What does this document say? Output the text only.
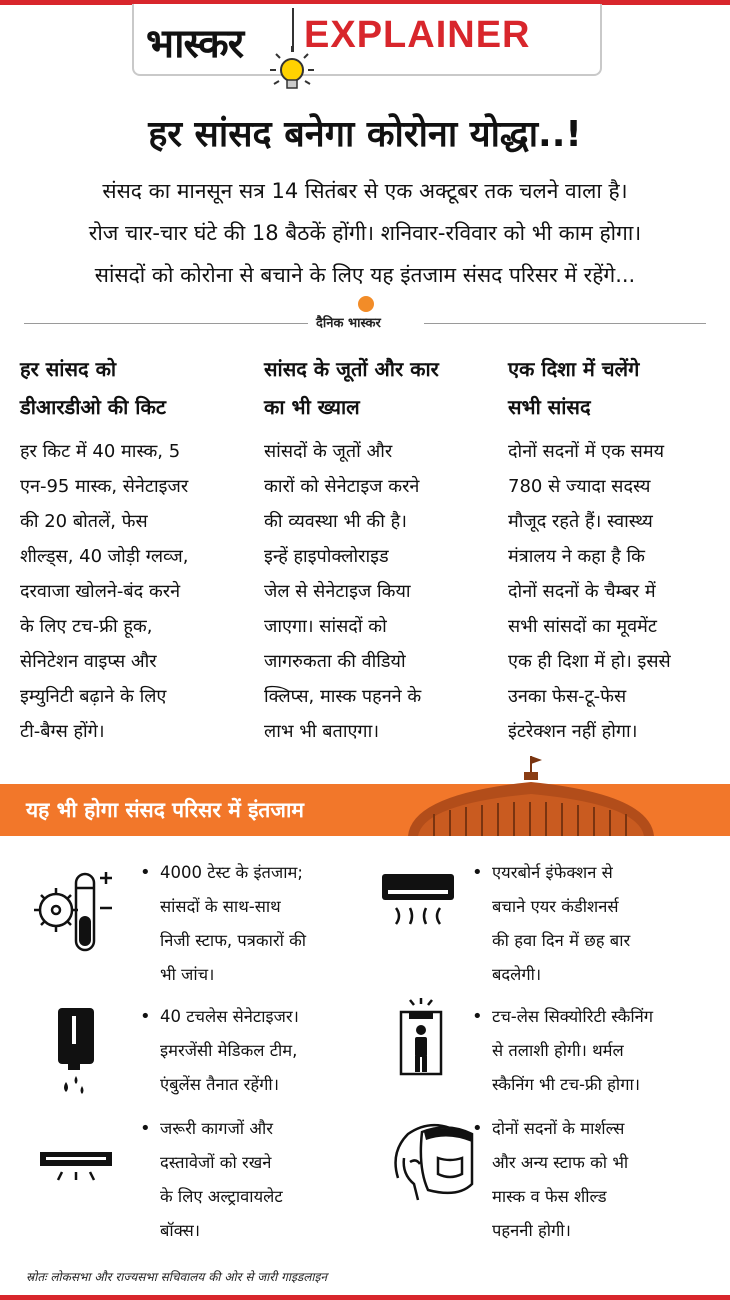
भास्कर EXPLAINER
हर सांसद बनेगा कोरोना योद्धा..!
संसद का मानसून सत्र 14 सितंबर से एक अक्टूबर तक चलने वाला है।
रोज चार-चार घंटे की 18 बैठकें होंगी। शनिवार-रविवार को भी काम होगा।
सांसदों को कोरोना से बचाने के लिए यह इंतजाम संसद परिसर में रहेंगे...
दैनिक भास्कर
हर सांसद को
डीआरडीओ की किट
हर किट में 40 मास्क, 5
एन-95 मास्क, सेनेटाइजर
की 20 बोतलें, फेस
शील्ड्स, 40 जोड़ी ग्लव्ज,
दरवाजा खोलने-बंद करने
के लिए टच-फ्री हूक,
सेनिटेशन वाइप्स और
इम्युनिटी बढ़ाने के लिए
टी-बैग्स होंगे।
सांसद के जूतों और कार
का भी ख्याल
सांसदों के जूतों और
कारों को सेनेटाइज करने
की व्यवस्था भी की है।
इन्हें हाइपोक्लोराइड
जेल से सेनेटाइज किया
जाएगा। सांसदों को
जागरुकता की वीडियो
क्लिप्स, मास्क पहनने के
लाभ भी बताएगा।
एक दिशा में चलेंगे
सभी सांसद
दोनों सदनों में एक समय
780 से ज्यादा सदस्य
मौजूद रहते हैं। स्वास्थ्य
मंत्रालय ने कहा है कि
दोनों सदनों के चैम्बर में
सभी सांसदों का मूवमेंट
एक ही दिशा में हो। इससे
उनका फेस-टू-फेस
इंटरेक्शन नहीं होगा।
यह भी होगा संसद परिसर में इंतजाम
• 4000 टेस्ट के इंतजाम;
सांसदों के साथ-साथ
निजी स्टाफ, पत्रकारों की
भी जांच।
• एयरबोर्न इंफेक्शन से
बचाने एयर कंडीशनर्स
की हवा दिन में छह बार
बदलेगी।
• 40 टचलेस सेनेटाइजर।
इमरजेंसी मेडिकल टीम,
एंबुलेंस तैनात रहेंगी।
• टच-लेस सिक्योरिटी स्कैनिंग
से तलाशी होगी। थर्मल
स्कैनिंग भी टच-फ्री होगा।
• जरूरी कागजों और
दस्तावेजों को रखने
के लिए अल्ट्रावायलेट
बॉक्स।
• दोनों सदनों के मार्शल्स
और अन्य स्टाफ को भी
मास्क व फेस शील्ड
पहननी होगी।
स्रोतः लोकसभा और राज्यसभा सचिवालय की ओर से जारी गाइडलाइन
